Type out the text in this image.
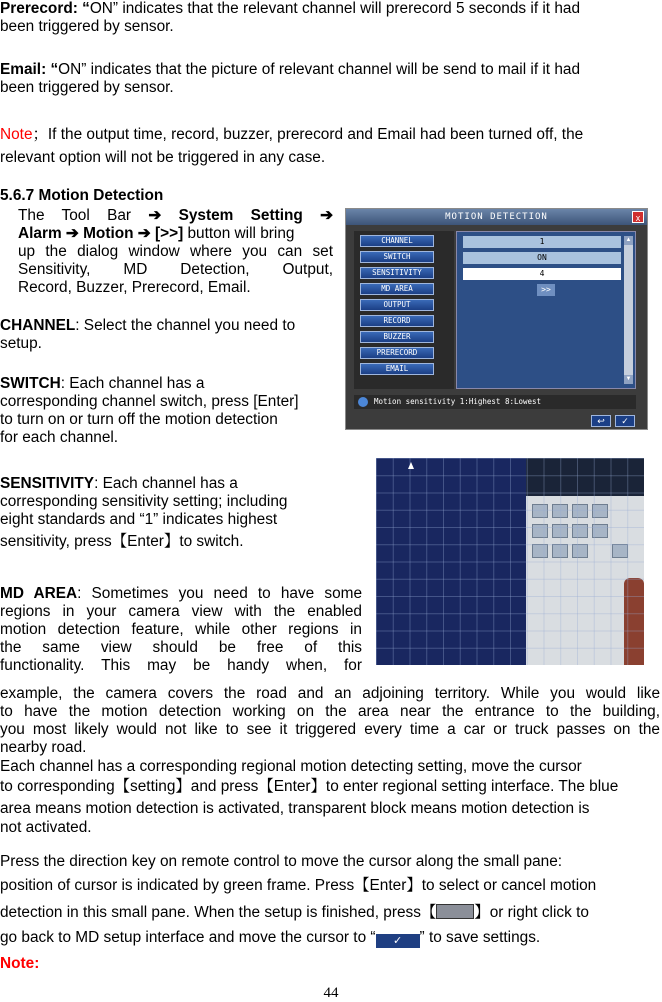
Prerecord: “ON” indicates that the relevant channel will prerecord 5 seconds if it had
been triggered by sensor.
Email: “ON” indicates that the picture of relevant channel will be send to mail if it had
been triggered by sensor.
Note；If the output time, record, buzzer, prerecord and Email had been turned off, the
relevant option will not be triggered in any case.
5.6.7 Motion Detection
The Tool Bar ➔ System Setting ➔
Alarm ➔ Motion ➔ [>>] button will bring
up the dialog window where you can set
Sensitivity, MD Detection, Output,
Record, Buzzer, Prerecord, Email.
CHANNEL: Select the channel you need to
setup.
SWITCH: Each channel has a
corresponding channel switch, press [Enter]
to turn on or turn off the motion detection
for each channel.
SENSITIVITY: Each channel has a
corresponding sensitivity setting; including
eight standards and “1” indicates highest
sensitivity, press【Enter】to switch.
MD AREA: Sometimes you need to have some
regions in your camera view with the enabled
motion detection feature, while other regions in
the same view should be free of this
functionality. This may be handy when, for
example, the camera covers the road and an adjoining territory. While you would like
to have the motion detection working on the area near the entrance to the building,
you most likely would not like to see it triggered every time a car or truck passes on the
nearby road.
Each channel has a corresponding regional motion detecting setting, move the cursor
to corresponding【setting】and press【Enter】to enter regional setting interface. The blue
area means motion detection is activated, transparent block means motion detection is
not activated.
Press the direction key on remote control to move the cursor along the small pane:
position of cursor is indicated by green frame. Press【Enter】to select or cancel motion
detection in this small pane. When the setup is finished, press【 】or right click to
go back to MD setup interface and move the cursor to “ ✓ ” to save settings.
Note:
44
MOTION DETECTION	x
CHANNEL
SWITCH
SENSITIVITY
MD AREA
OUTPUT
RECORD
BUZZER
PRERECORD
EMAIL
1
ON
4
>>
▲
▼
Motion sensitivity 1:Highest 8:Lowest
↩	✓
